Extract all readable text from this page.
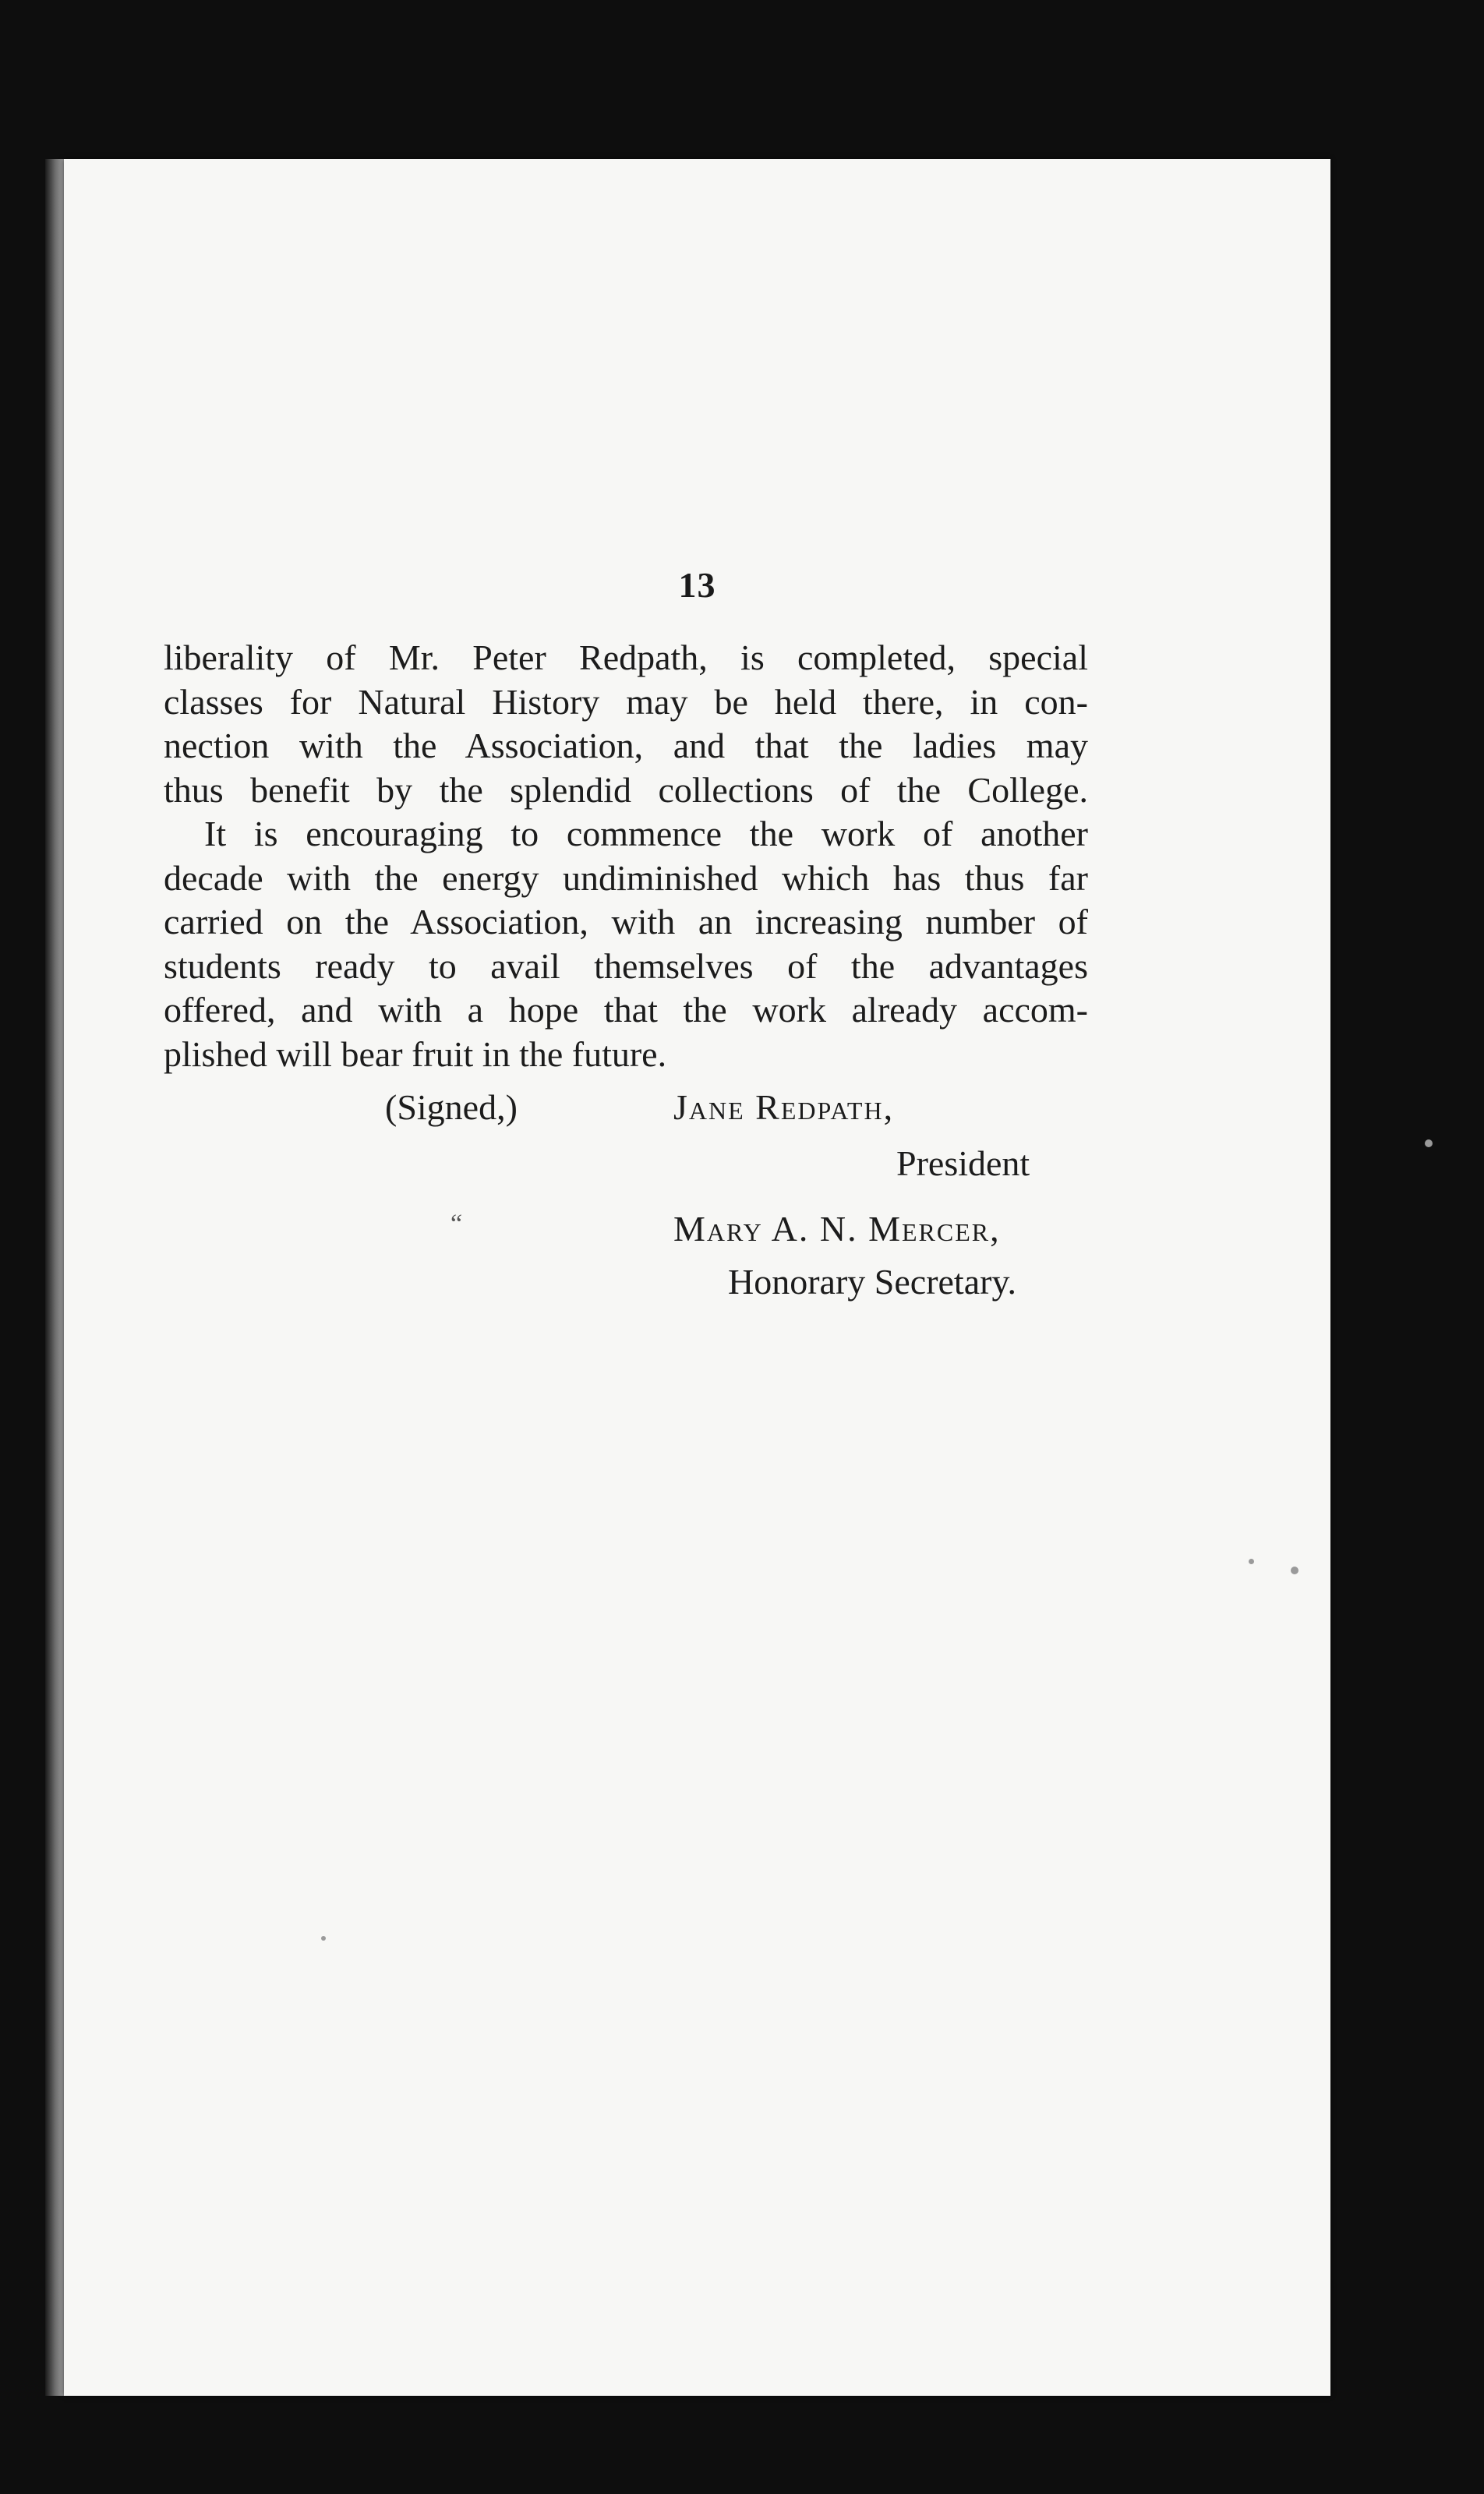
13
liberality of Mr. Peter Redpath, is completed, special
classes for Natural History may be held there, in con-
nection with the Association, and that the ladies may
thus benefit by the splendid collections of the College.
It is encouraging to commence the work of another
decade with the energy undiminished which has thus far
carried on the Association, with an increasing number of
students ready to avail themselves of the advantages
offered, and with a hope that the work already accom-
plished will bear fruit in the future.
(Signed,)	Jane Redpath,
President
“	Mary A. N. Mercer,
Honorary Secretary.
